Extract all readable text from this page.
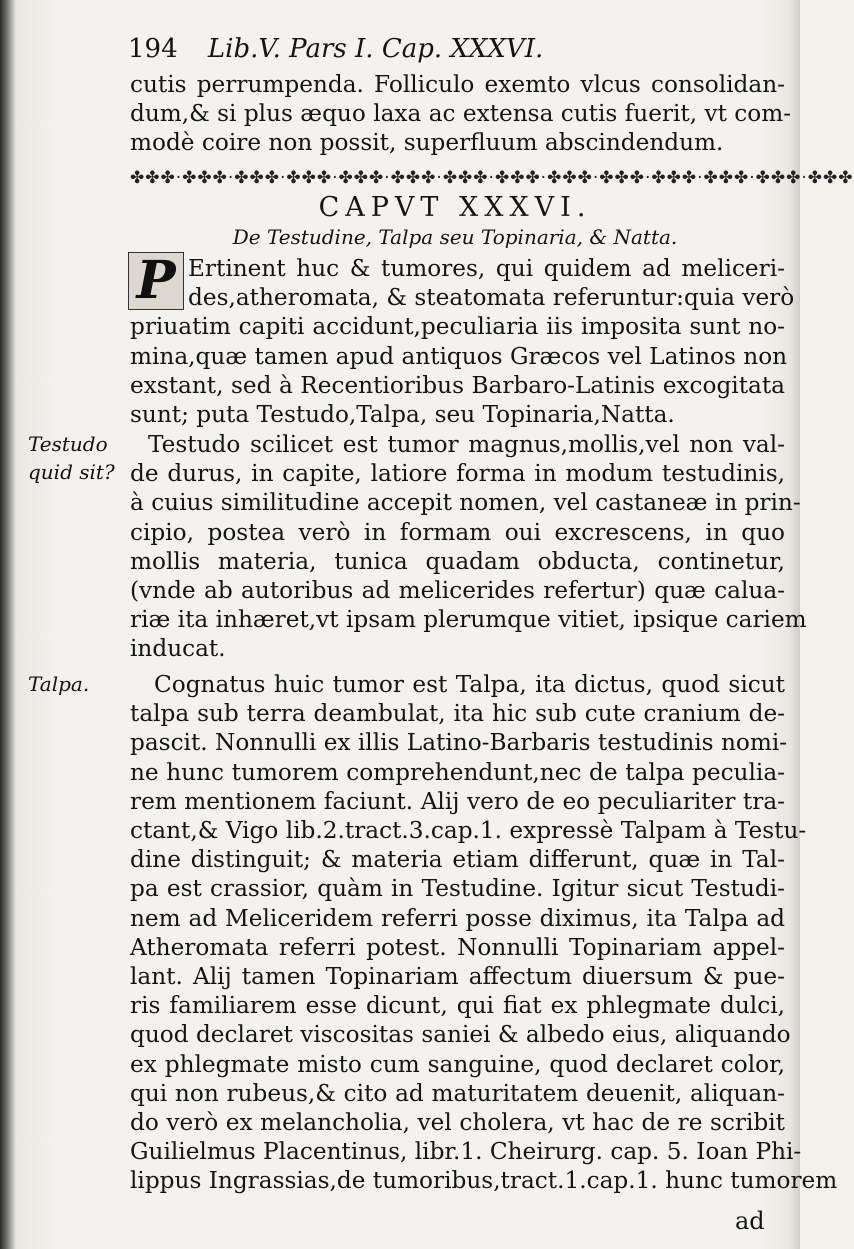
194 Lib.V. Pars I. Cap. XXXVI.
cutis perrumpenda. Folliculo exemto vlcus consolidan-
dum,& si plus æquo laxa ac extensa cutis fuerit, vt com-
modè coire non possit, superfluum abscindendum.
✤✤✤·✤✤✤·✤✤✤·✤✤✤·✤✤✤·✤✤✤·✤✤✤·✤✤✤·✤✤✤·✤✤✤·✤✤✤·✤✤✤·✤✤✤·✤✤✤
CAPVT XXXVI.
De Testudine, Talpa seu Topinaria, & Natta.
P Ertinent huc & tumores, qui quidem ad meliceri-
des,atheromata, & steatomata referuntur:quia verò
priuatim capiti accidunt,peculiaria iis imposita sunt no-
mina,quæ tamen apud antiquos Græcos vel Latinos non
exstant, sed à Recentioribus Barbaro-Latinis excogitata
sunt; puta Testudo,Talpa, seu Topinaria,Natta.
Testudo
quid sit?
Testudo scilicet est tumor magnus,mollis,vel non val-
de durus, in capite, latiore forma in modum testudinis,
à cuius similitudine accepit nomen, vel castaneæ in prin-
cipio, postea verò in formam oui excrescens, in quo
mollis materia, tunica quadam obducta, continetur,
(vnde ab autoribus ad melicerides refertur) quæ calua-
riæ ita inhæret,vt ipsam plerumque vitiet, ipsique cariem
inducat.
Talpa.	Cognatus huic tumor est Talpa, ita dictus, quod sicut
talpa sub terra deambulat, ita hic sub cute cranium de-
pascit. Nonnulli ex illis Latino-Barbaris testudinis nomi-
ne hunc tumorem comprehendunt,nec de talpa peculia-
rem mentionem faciunt. Alij vero de eo peculiariter tra-
ctant,& Vigo lib.2.tract.3.cap.1. expressè Talpam à Testu-
dine distinguit; & materia etiam differunt, quæ in Tal-
pa est crassior, quàm in Testudine. Igitur sicut Testudi-
nem ad Meliceridem referri posse diximus, ita Talpa ad
Atheromata referri potest. Nonnulli Topinariam appel-
lant. Alij tamen Topinariam affectum diuersum & pue-
ris familiarem esse dicunt, qui fiat ex phlegmate dulci,
quod declaret viscositas saniei & albedo eius, aliquando
ex phlegmate misto cum sanguine, quod declaret color,
qui non rubeus,& cito ad maturitatem deuenit, aliquan-
do verò ex melancholia, vel cholera, vt hac de re scribit
Guilielmus Placentinus, libr.1. Cheirurg. cap. 5. Ioan Phi-
lippus Ingrassias,de tumoribus,tract.1.cap.1. hunc tumorem
ad
